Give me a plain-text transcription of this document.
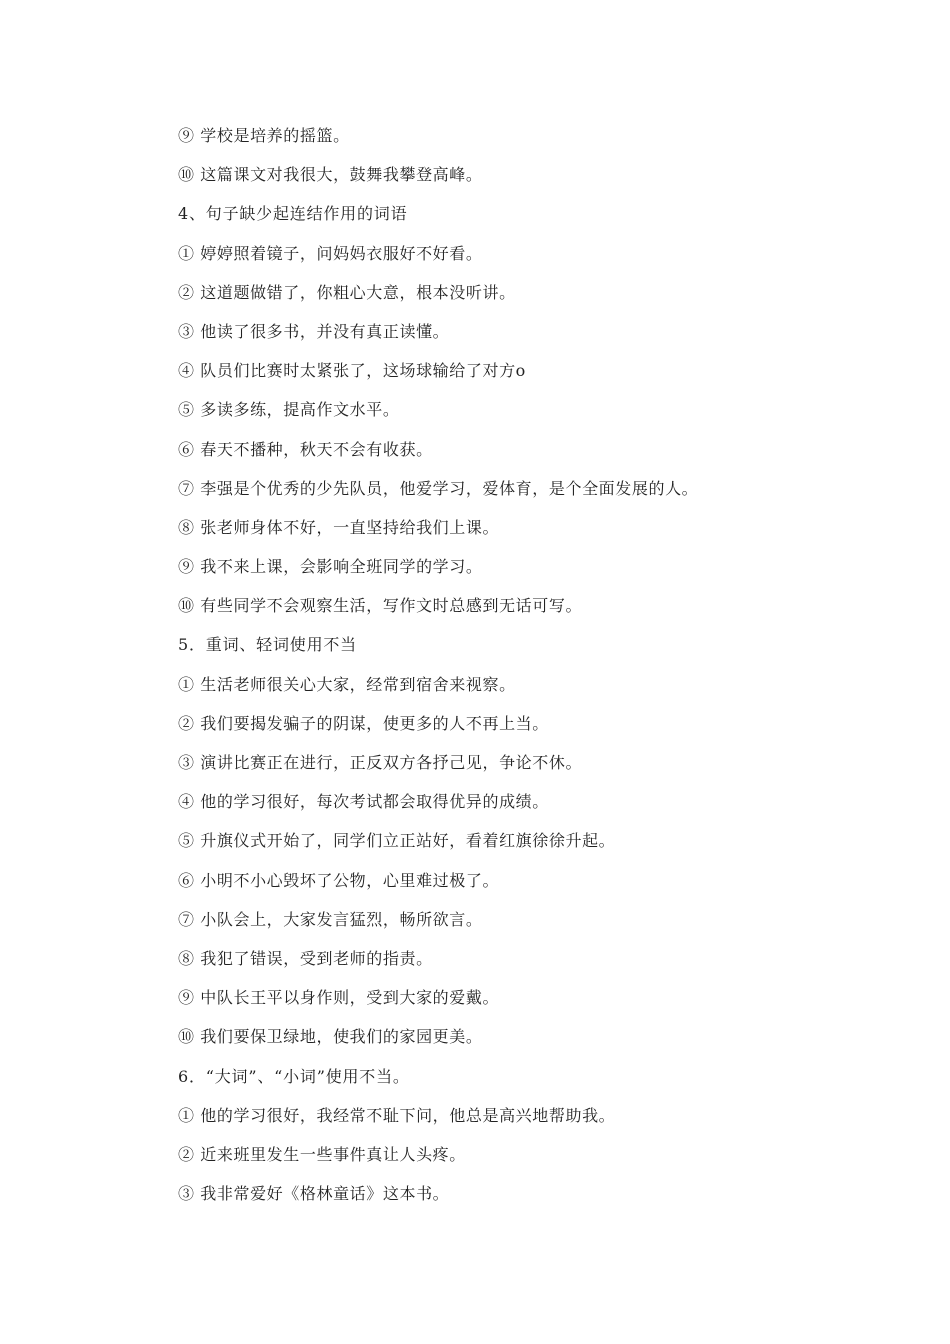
⑨ 学校是培养的摇篮。
⑩ 这篇课文对我很大，鼓舞我攀登高峰。
4、句子缺少起连结作用的词语
① 婷婷照着镜子，问妈妈衣服好不好看。
② 这道题做错了，你粗心大意，根本没听讲。
③ 他读了很多书，并没有真正读懂。
④ 队员们比赛时太紧张了，这场球输给了对方o
⑤ 多读多练，提高作文水平。
⑥ 春天不播种，秋天不会有收获。
⑦ 李强是个优秀的少先队员，他爱学习，爱体育，是个全面发展的人。
⑧ 张老师身体不好，一直坚持给我们上课。
⑨ 我不来上课，会影响全班同学的学习。
⑩ 有些同学不会观察生活，写作文时总感到无话可写。
5．重词、轻词使用不当
① 生活老师很关心大家，经常到宿舍来视察。
② 我们要揭发骗子的阴谋，使更多的人不再上当。
③ 演讲比赛正在进行，正反双方各抒己见，争论不休。
④ 他的学习很好，每次考试都会取得优异的成绩。
⑤ 升旗仪式开始了，同学们立正站好，看着红旗徐徐升起。
⑥ 小明不小心毁坏了公物，心里难过极了。
⑦ 小队会上，大家发言猛烈，畅所欲言。
⑧ 我犯了错误，受到老师的指责。
⑨ 中队长王平以身作则，受到大家的爱戴。
⑩ 我们要保卫绿地，使我们的家园更美。
6．“大词”、“小词”使用不当。
① 他的学习很好，我经常不耻下问，他总是高兴地帮助我。
② 近来班里发生一些事件真让人头疼。
③ 我非常爱好《格林童话》这本书。
